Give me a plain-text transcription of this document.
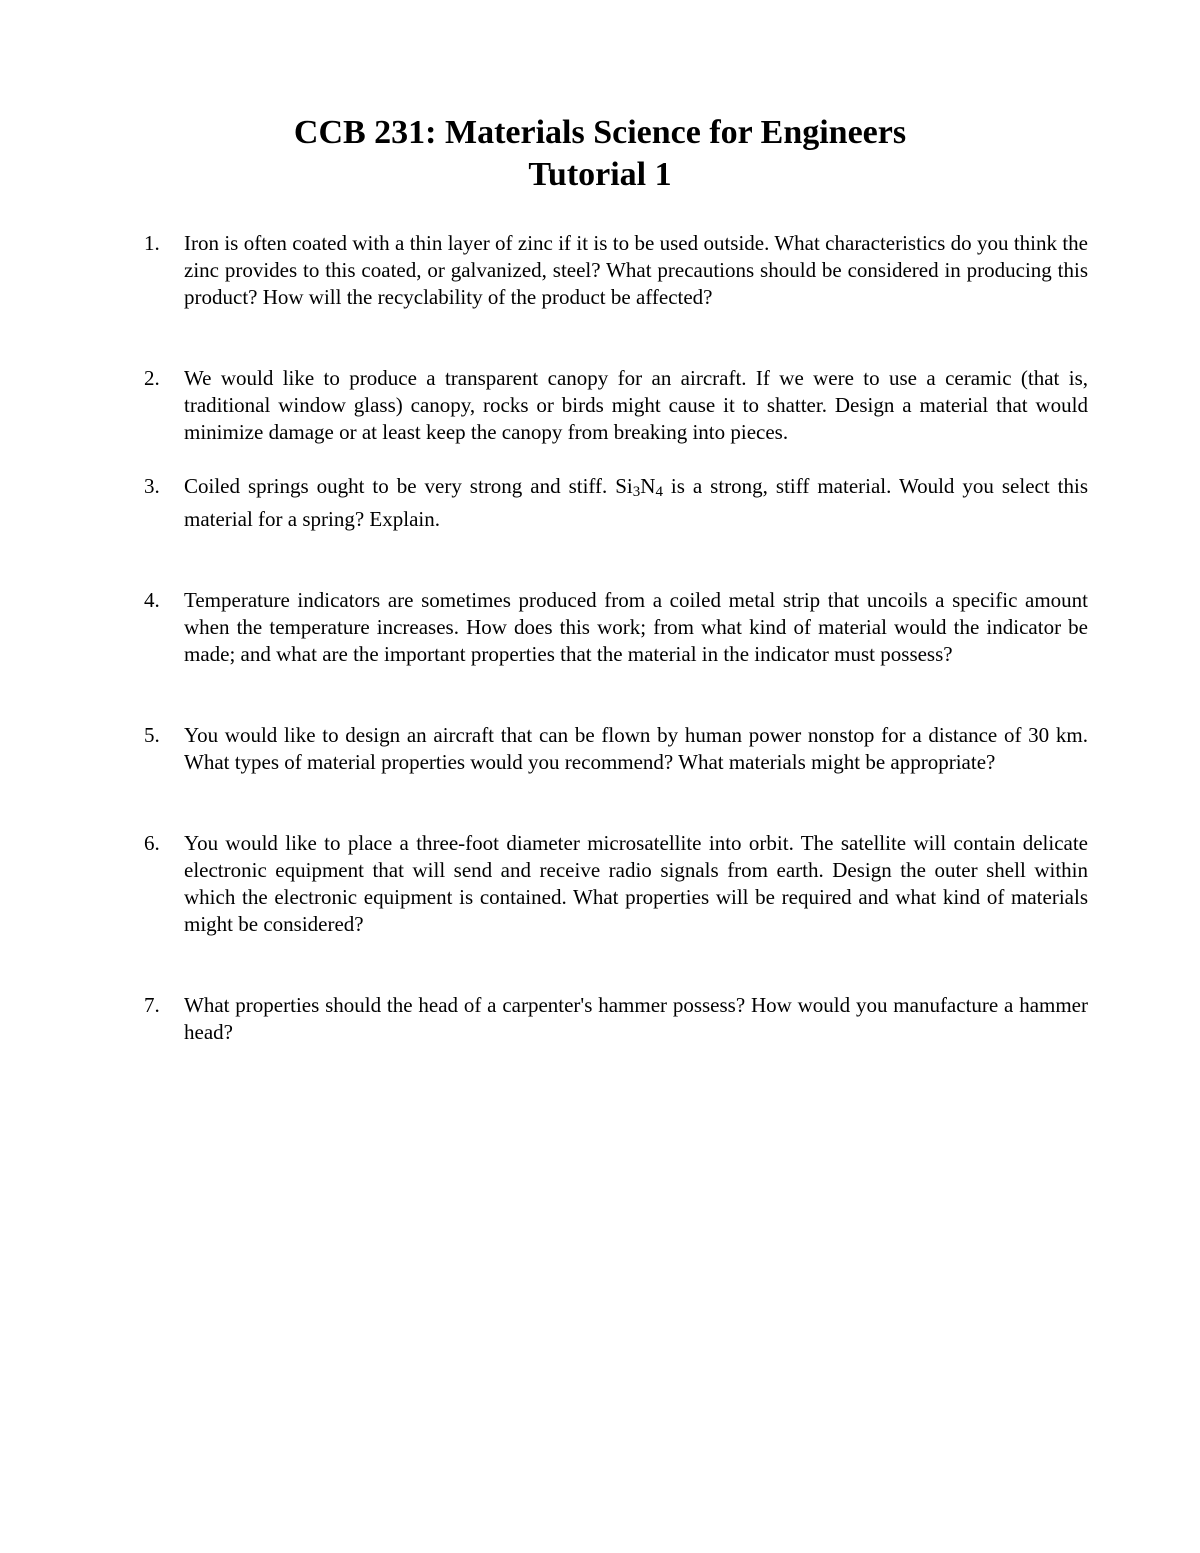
CCB 231: Materials Science for Engineers
Tutorial 1
1.	Iron is often coated with a thin layer of zinc if it is to be used outside. What characteristics do you think the zinc provides to this coated, or galvanized, steel? What precautions should be considered in producing this product? How will the recyclability of the product be affected?
2.	We would like to produce a transparent canopy for an aircraft. If we were to use a ceramic (that is, traditional window glass) canopy, rocks or birds might cause it to shatter. Design a material that would minimize damage or at least keep the canopy from breaking into pieces.
3.	Coiled springs ought to be very strong and stiff. $Si_3N_4$ is a strong, stiff material. Would you select this material for a spring? Explain.
4.	Temperature indicators are sometimes produced from a coiled metal strip that uncoils a specific amount when the temperature increases. How does this work; from what kind of material would the indicator be made; and what are the important properties that the material in the indicator must possess?
5.	You would like to design an aircraft that can be flown by human power nonstop for a distance of 30 km. What types of material properties would you recommend? What materials might be appropriate?
6.	You would like to place a three-foot diameter microsatellite into orbit. The satellite will contain delicate electronic equipment that will send and receive radio signals from earth. Design the outer shell within which the electronic equipment is contained. What properties will be required and what kind of materials might be considered?
7.	What properties should the head of a carpenter's hammer possess? How would you manufacture a hammer head?
